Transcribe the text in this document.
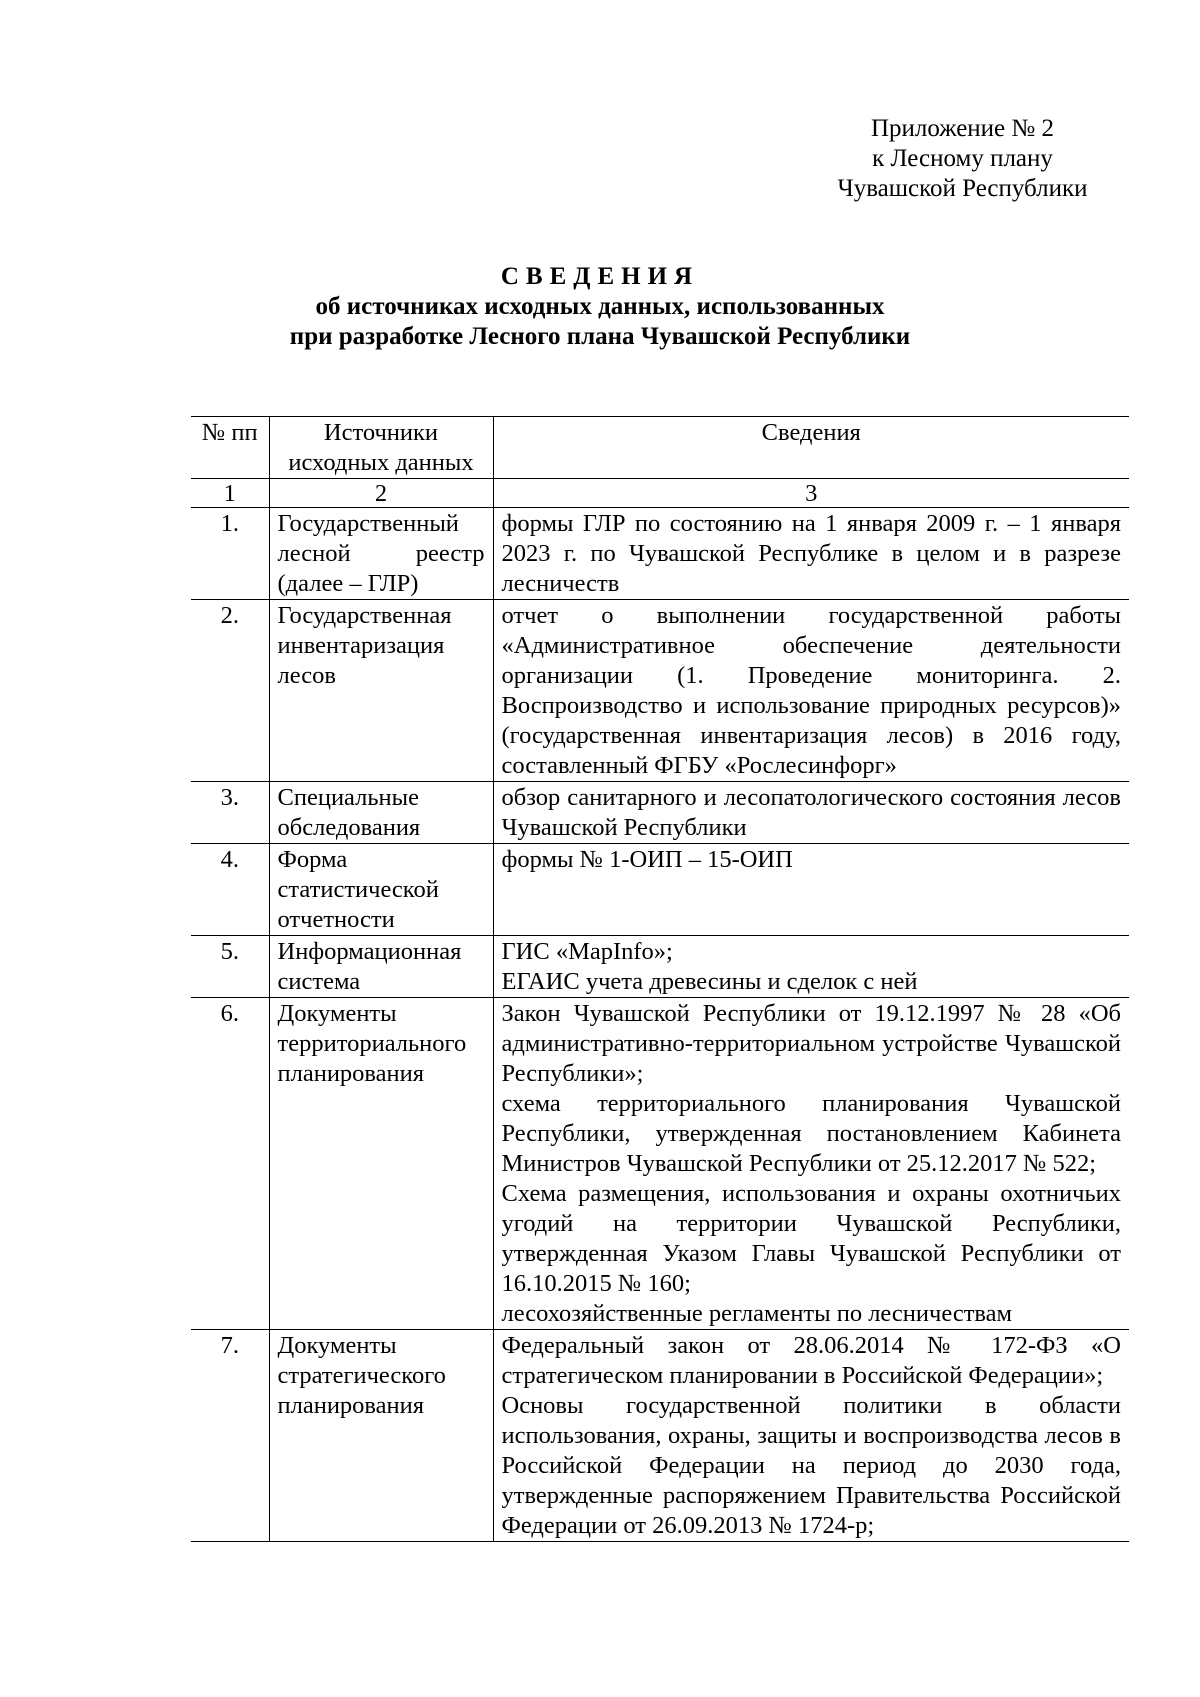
Приложение № 2
к Лесному плану
Чувашской Республики
СВЕДЕНИЯ
об источниках исходных данных, использованных
при разработке Лесного плана Чувашской Республики
№ пп	Источники исходных данных	Сведения
1	2	3
1.	Государственный лесной реестр (далее – ГЛР)	формы ГЛР по состоянию на 1 января 2009 г. – 1 января 2023 г. по Чувашской Республике в целом и в разрезе лесничеств

2.	Государственная инвентаризация лесов	отчет о выполнении государственной работы «Административное обеспечение деятельности организации (1. Проведение мониторинга. 2. Воспроизводство и использование природных ресурсов)» (государственная инвентаризация лесов) в 2016 году, составленный ФГБУ «Рослесинфорг»

3.	Специальные обследования	обзор санитарного и лесопатологического состояния лесов Чувашской Республики

4.	Форма статистической отчетности	формы № 1-ОИП – 15-ОИП

5.	Информационная система	ГИС «MapInfo»;
ЕГАИС учета древесины и сделок с ней

6.	Документы территориального планирования	Закон Чувашской Республики от 19.12.1997 № 28 «Об административно-территориальном устройстве Чувашской Республики»;
схема территориального планирования Чувашской Республики, утвержденная постановлением Кабинета Министров Чувашской Республики от 25.12.2017 № 522;
Схема размещения, использования и охраны охотничьих угодий на территории Чувашской Республики, утвержденная Указом Главы Чувашской Республики от 16.10.2015 № 160;
лесохозяйственные регламенты по лесничествам

7.	Документы стратегического планирования	Федеральный закон от 28.06.2014 № 172-ФЗ «О стратегическом планировании в Российской Федерации»;
Основы государственной политики в области использования, охраны, защиты и воспроизводства лесов в Российской Федерации на период до 2030 года, утвержденные распоряжением Правительства Российской Федерации от 26.09.2013 № 1724-р;
